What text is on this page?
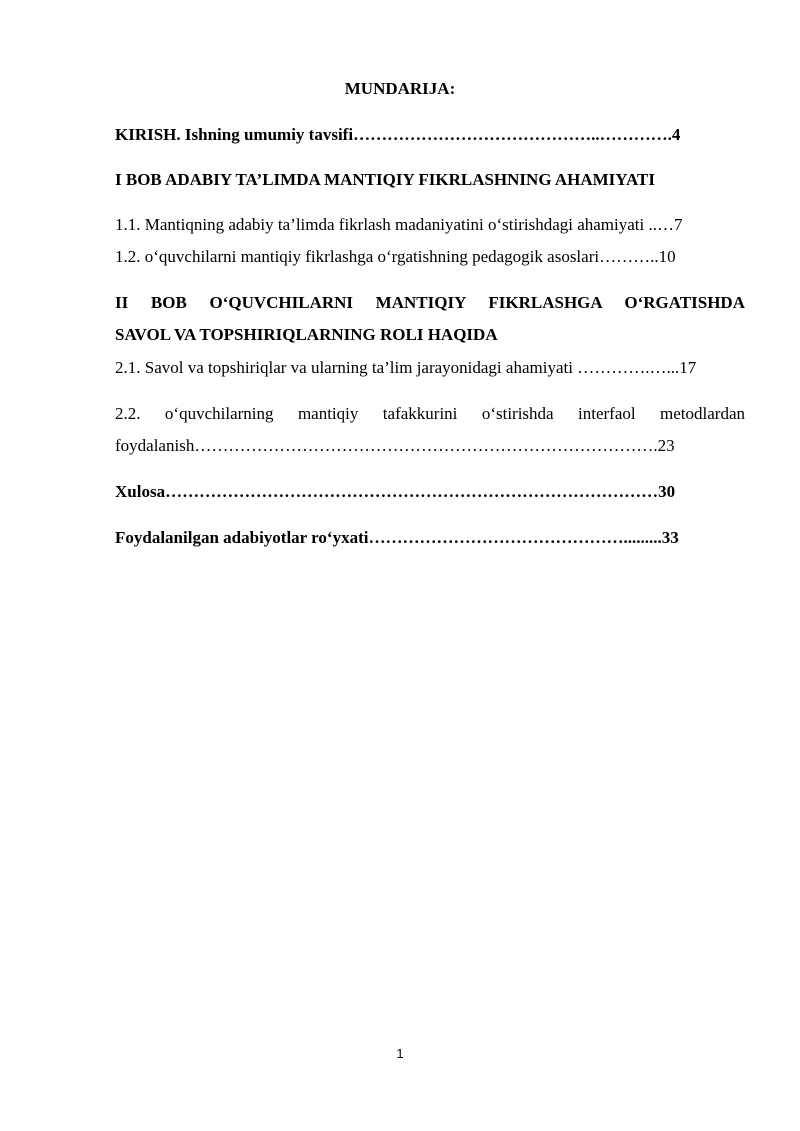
MUNDARIJA:
KIRISH. Ishning umumiy tavsifi……………………………………..………….4
I BOB ADABIY TA’LIMDA MANTIQIY FIKRLASHNING AHAMIYATI
1.1. Mantiqning adabiy ta’limda fikrlash madaniyatini o‘stirishdagi ahamiyati ..…7
1.2. o‘quvchilarni mantiqiy fikrlashga o‘rgatishning pedagogik asoslari………..10
II BOB O‘QUVCHILARNI MANTIQIY FIKRLASHGA O‘RGATISHDA
SAVOL VA TOPSHIRIQLARNING ROLI HAQIDA
2.1. Savol va topshiriqlar va ularning ta’lim jarayonidagi ahamiyati ………….…...17
2.2. o‘quvchilarning mantiqiy tafakkurini o‘stirishda interfaol metodlardan
foydalanish……………………………………………………………………….23
Xulosa……………………………………………………………………………30
Foydalanilgan adabiyotlar ro‘yxati……………………………………….........33
1
